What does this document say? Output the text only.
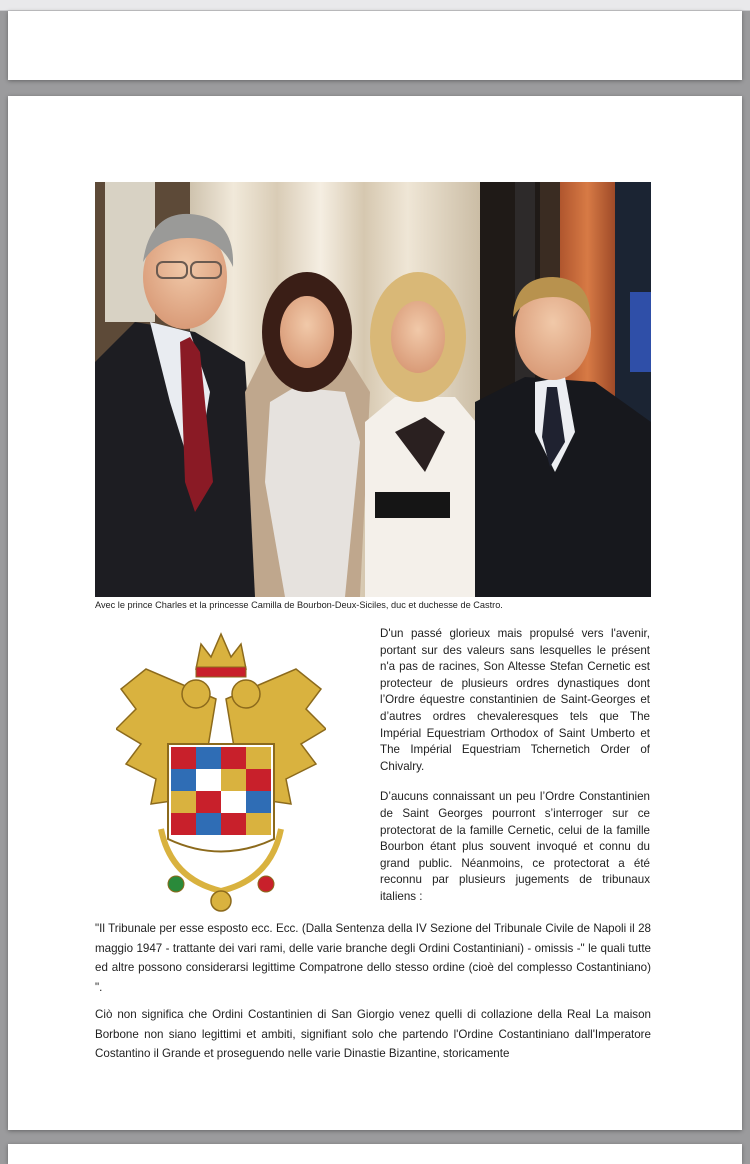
Avec le prince Charles et la princesse Camilla de Bourbon-Deux-Siciles, duc et duchesse de Castro.

D'un passé glorieux mais propulsé vers l'avenir, portant sur des valeurs sans lesquelles le présent n'a pas de racines, Son Altesse Stefan Cernetic est protecteur de plusieurs ordres dynastiques dont l’Ordre équestre constantinien de Saint-Georges et d’autres ordres chevaleresques tels que The Impérial Equestriam Orthodox of Saint Umberto et The Impérial Equestriam Tchernetich Order of Chivalry.

D’aucuns connaissant un peu l’Ordre Constantinien de Saint Georges pourront s’interroger sur ce protectorat de la famille Cernetic, celui de la famille Bourbon étant plus souvent invoqué et connu du grand public. Néanmoins, ce protectorat a été reconnu par plusieurs jugements de tribunaux italiens :

"Il Tribunale per esse esposto ecc. Ecc. (Dalla Sentenza della IV Sezione del Tribunale Civile de Napoli il 28 maggio 1947 - trattante dei vari rami, delle varie branche degli Ordini Costantiniani) - omissis -" le quali tutte ed altre possono considerarsi legittime Compatrone dello stesso ordine (cioè del complesso Costantiniano) ".

Ciò non significa che Ordini Costantinien di San Giorgio venez quelli di collazione della Real La maison Borbone non siano legittimi et ambiti, signifiant solo che partendo l'Ordine Costantiniano dall'Imperatore Costantino il Grande et proseguendo nelle varie Dinastie Bizantine, storicamente
